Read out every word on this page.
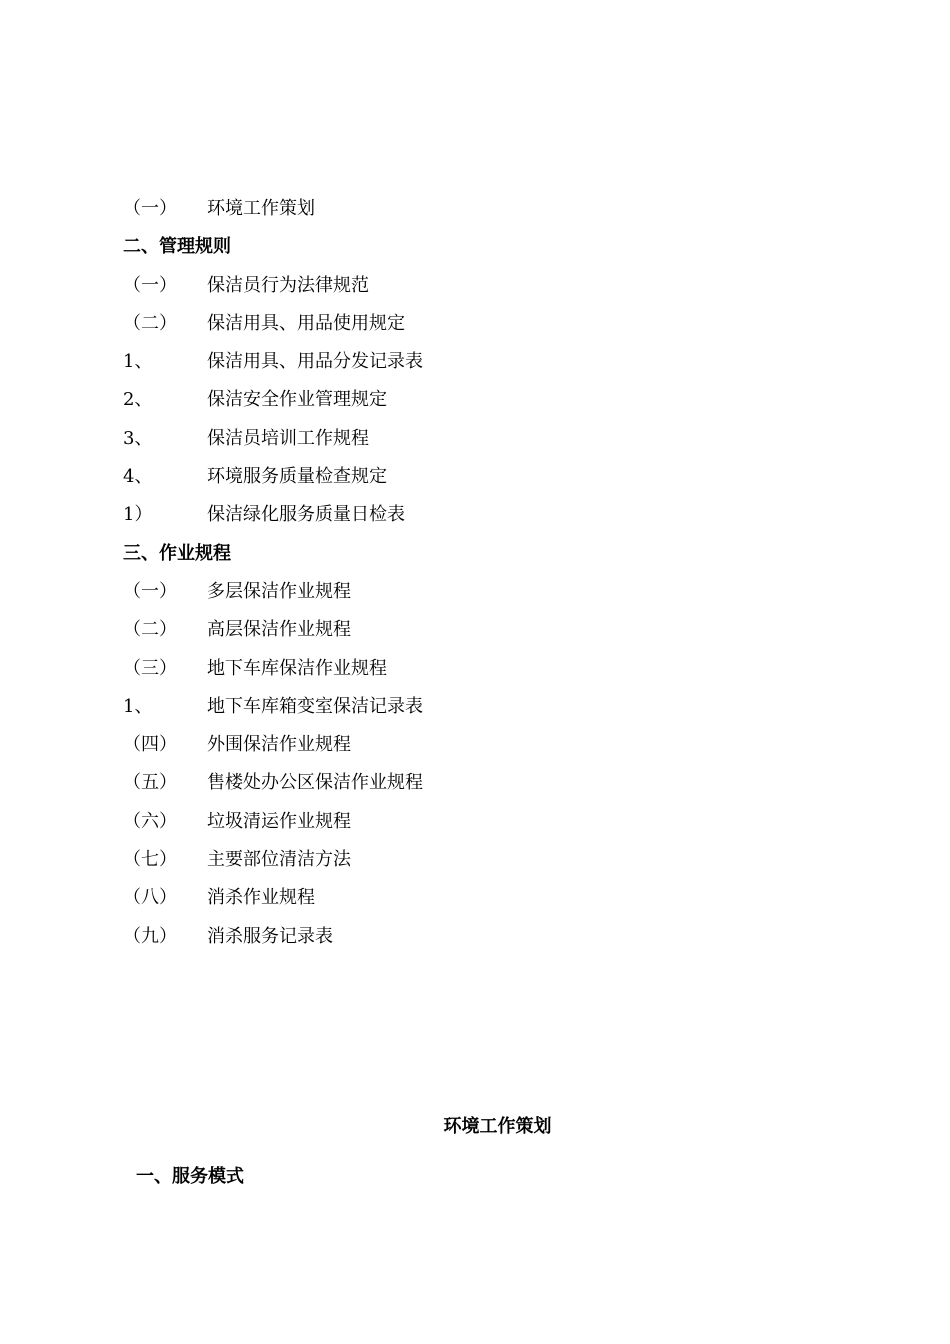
（一） 环境工作策划
二、管理规则
（一） 保洁员行为法律规范
（二） 保洁用具、用品使用规定
1、	保洁用具、用品分发记录表
2、	保洁安全作业管理规定
3、	保洁员培训工作规程
4、	环境服务质量检查规定
1）	保洁绿化服务质量日检表
三、作业规程
（一） 多层保洁作业规程
（二） 高层保洁作业规程
（三） 地下车库保洁作业规程
1、	地下车库箱变室保洁记录表
（四） 外围保洁作业规程
（五） 售楼处办公区保洁作业规程
（六） 垃圾清运作业规程
（七） 主要部位清洁方法
（八） 消杀作业规程
（九） 消杀服务记录表
环境工作策划
一、服务模式
